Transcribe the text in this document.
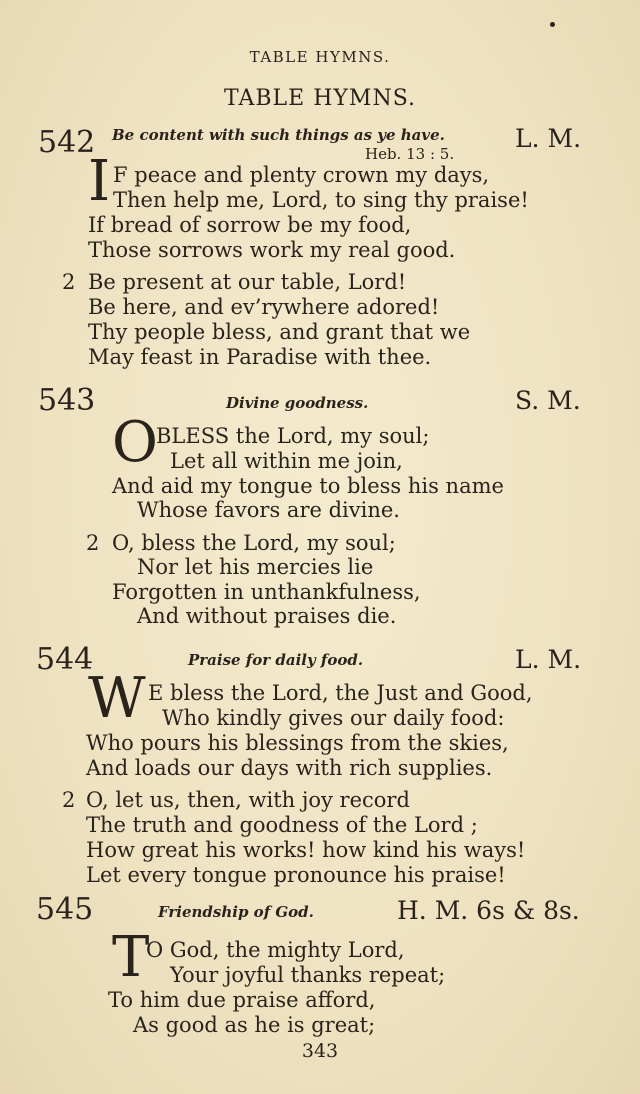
TABLE HYMNS.
TABLE HYMNS.
542 Be content with such things as ye have.
Heb. 13 : 5.
L. M.
I F peace and plenty crown my days,
Then help me, Lord, to sing thy praise!
If bread of sorrow be my food,
Those sorrows work my real good.
2 Be present at our table, Lord!
Be here, and ev’rywhere adored!
Thy people bless, and grant that we
May feast in Paradise with thee.
543	Divine goodness.	S. M.
O
BLESS the Lord, my soul;
Let all within me join,
And aid my tongue to bless his name
Whose favors are divine.
2 O, bless the Lord, my soul;
Nor let his mercies lie
Forgotten in unthankfulness,
And without praises die.
544	Praise for daily food.	L. M.
W E bless the Lord, the Just and Good,
Who kindly gives our daily food:
Who pours his blessings from the skies,
And loads our days with rich supplies.
2 O, let us, then, with joy record
The truth and goodness of the Lord ;
How great his works! how kind his ways!
Let every tongue pronounce his praise!
545	Friendship of God.	H. M. 6s & 8s.
T
O God, the mighty Lord,
Your joyful thanks repeat;
To him due praise afford,
As good as he is great;
343
